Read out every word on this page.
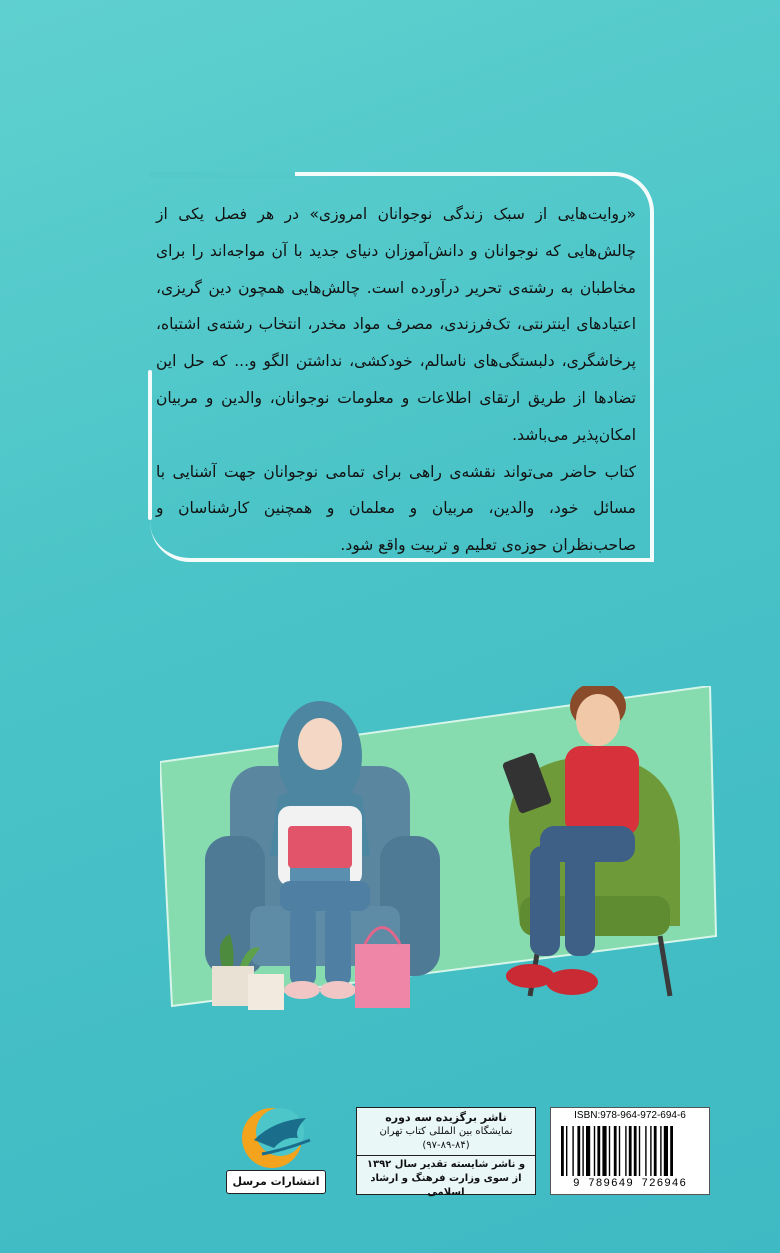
«روایت‌هایی از سبک زندگی نوجوانان امروزی» در هر فصل یکی از چالش‌هایی که نوجوانان و دانش‌آموزان دنیای جدید با آن مواجه‌اند را برای مخاطبان به رشته‌ی تحریر درآورده است. چالش‌هایی همچون دین گریزی، اعتیادهای اینترنتی، تک‌فرزندی، مصرف مواد مخدر، انتخاب رشته‌ی اشتباه، پرخاشگری، دلبستگی‌های ناسالم، خودکشی، نداشتن الگو و... که حل این تضادها از طریق ارتقای اطلاعات و معلومات نوجوانان، والدین و مربیان امکان‌پذیر می‌باشد.

کتاب حاضر می‌تواند نقشه‌ی راهی برای تمامی نوجوانان جهت آشنایی با مسائل خود، والدین، مربیان و معلمان و همچنین کارشناسان و صاحب‌نظران حوزه‌ی تعلیم و تربیت واقع شود.

انتشارات مرسل
ناشر برگزیده سه دوره
نمایشگاه بین المللی کتاب تهران
(۹۷-۸۹-۸۴)
و ناشر شایسته تقدیر سال ۱۳۹۲
از سوی وزارت فرهنگ و ارشاد اسلامی
ISBN:978-964-972-694-6
9 789649 726946
